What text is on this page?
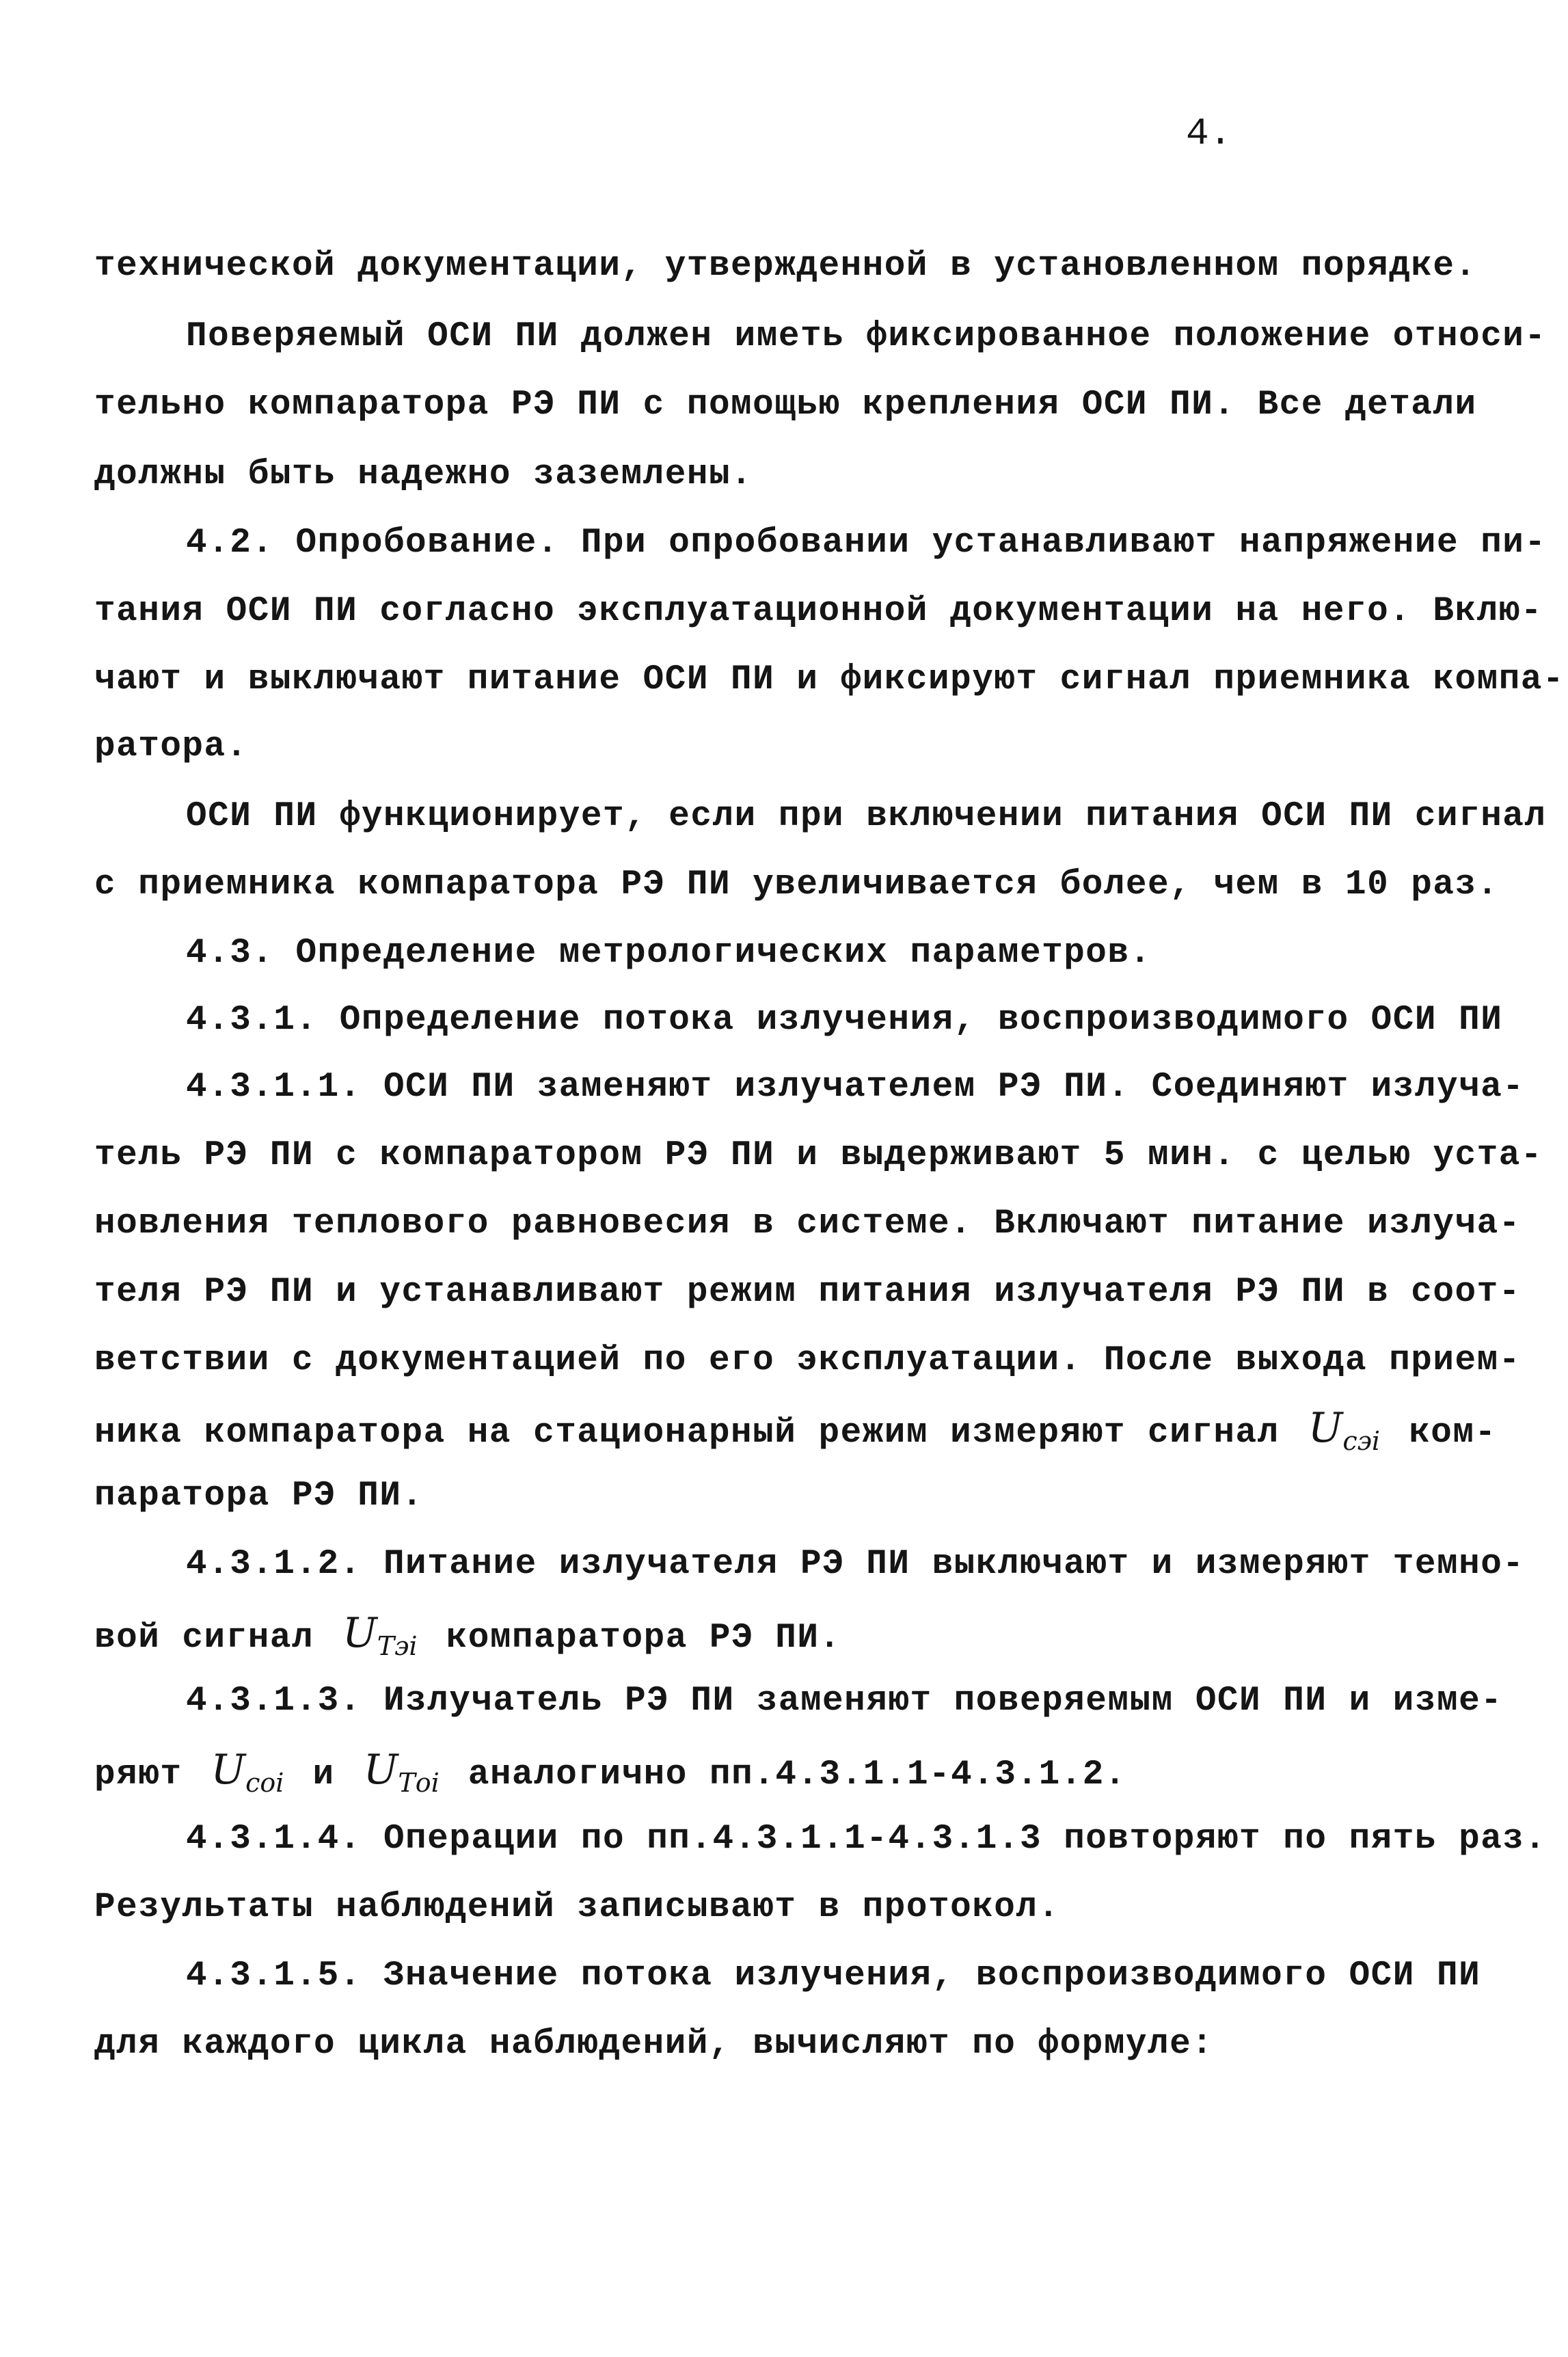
4.
технической документации, утвержденной в установленном порядке.
Поверяемый ОСИ ПИ должен иметь фиксированное положение относи-
тельно компаратора РЭ ПИ с помощью крепления ОСИ ПИ. Все детали
должны быть надежно заземлены.
4.2. Опробование. При опробовании устанавливают напряжение пи-
тания ОСИ ПИ согласно эксплуатационной документации на него. Вклю-
чают и выключают питание ОСИ ПИ и фиксируют сигнал приемника компа-
ратора.
ОСИ ПИ функционирует, если при включении питания ОСИ ПИ сигнал
с приемника компаратора РЭ ПИ увеличивается более, чем в 10 раз.
4.3. Определение метрологических параметров.
4.3.1. Определение потока излучения, воспроизводимого ОСИ ПИ
4.3.1.1. ОСИ ПИ заменяют излучателем РЭ ПИ. Соединяют излуча-
тель РЭ ПИ с компаратором РЭ ПИ и выдерживают 5 мин. с целью уста-
новления теплового равновесия в системе. Включают питание излуча-
теля РЭ ПИ и устанавливают режим питания излучателя РЭ ПИ в соот-
ветствии с документацией по его эксплуатации. После выхода прием-
ника компаратора на стационарный режим измеряют сигнал $U_{сэi}$ ком-
паратора РЭ ПИ.
4.3.1.2. Питание излучателя РЭ ПИ выключают и измеряют темно-
вой сигнал $U_{Тэi}$ компаратора РЭ ПИ.
4.3.1.3. Излучатель РЭ ПИ заменяют поверяемым ОСИ ПИ и изме-
ряют $U_{сoi}$ и $U_{Тoi}$ аналогично пп.4.3.1.1-4.3.1.2.
4.3.1.4. Операции по пп.4.3.1.1-4.3.1.3 повторяют по пять раз.
Результаты наблюдений записывают в протокол.
4.3.1.5. Значение потока излучения, воспроизводимого ОСИ ПИ
для каждого цикла наблюдений, вычисляют по формуле:
